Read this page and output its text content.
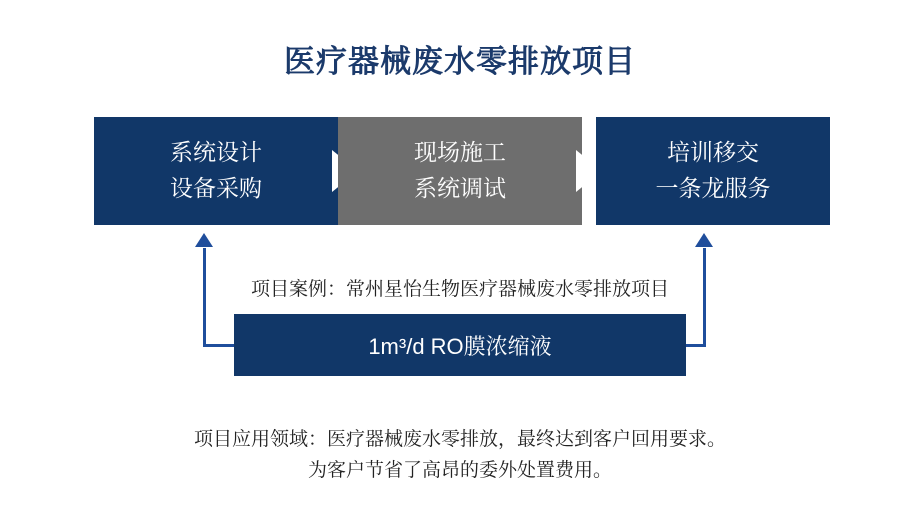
医疗器械废水零排放项目
系统设计
设备采购
现场施工
系统调试
培训移交
一条龙服务
项目案例：常州星怡生物医疗器械废水零排放项目
1m³/d RO膜浓缩液
项目应用领域：医疗器械废水零排放，最终达到客户回用要求。
为客户节省了高昂的委外处置费用。
